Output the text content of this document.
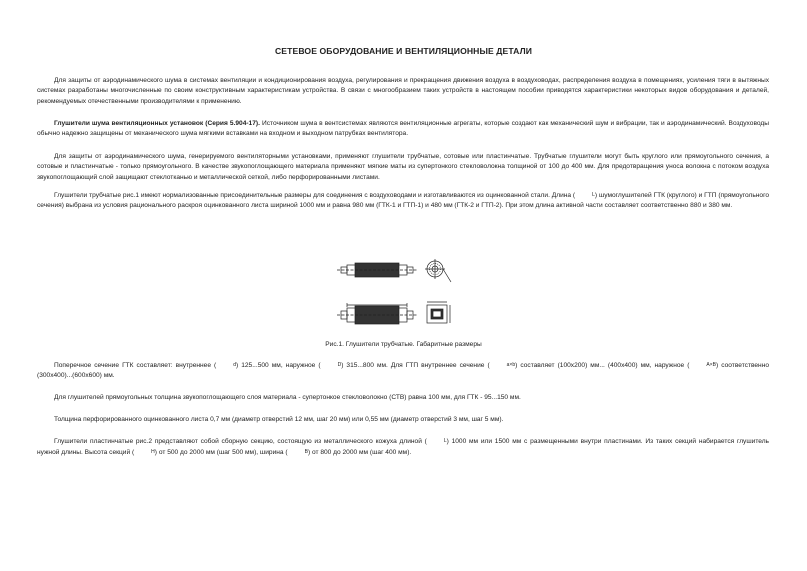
СЕТЕВОЕ ОБОРУДОВАНИЕ И ВЕНТИЛЯЦИОННЫЕ ДЕТАЛИ

Для защиты от аэродинамического шума в системах вентиляции и кондиционирования воздуха, регулирования и прекращения движения воздуха в воздуховодах, распределения воздуха в помещениях, усиления тяги в вытяжных системах разработаны многочисленные по своим конструктивным характеристикам устройства. В связи с многообразием таких устройств в настоящем пособии приводятся характеристики некоторых видов оборудования и деталей, рекомендуемых отечественными производителями к применению.

Глушители шума вентиляционных установок (Серия 5.904-17). Источником шума в вентсистемах являются вентиляционные агрегаты, которые создают как механический шум и вибрации, так и аэродинамический. Воздуховоды обычно надежно защищены от механического шума мягкими вставками на входном и выходном патрубках вентилятора.

Для защиты от аэродинамического шума, генерируемого вентиляторными установками, применяют глушители трубчатые, сотовые или пластинчатые. Трубчатые глушители могут быть круглого или прямоугольного сечения, а сотовые и пластинчатые - только прямоугольного. В качестве звукопоглощающего материала применяют мягкие маты из супертонкого стекловолокна толщиной от 100 до 400 мм. Для предотвращения уноса волокна с потоком воздуха звукопоглощающий слой защищают стеклотканью и металлической сеткой, либо перфорированными листами.

Глушители трубчатые рис.1 имеют нормализованные присоединительные размеры для соединения с воздуховодами и изготавливаются из оцинкованной стали. Длина (	L) шумоглушителей ГТК (круглого) и ГТП (прямоугольного сечения) выбрана из условия рационального раскроя оцинкованного листа шириной 1000 мм и равна 980 мм (ГТК-1 и ГТП-1) и 480 мм (ГТК-2 и ГТП-2). При этом длина активной части составляет соответственно 880 и 380 мм.

Рис.1. Глушители трубчатые. Габаритные размеры

Поперечное сечение ГТК составляет: внутреннее (	d) 125...500 мм, наружное (	D) 315...800 мм. Для ГТП внутреннее сечение (	a×b) составляет (100х200) мм... (400х400) мм, наружное (	A×B) соответственно (300х400)...(600х600) мм.

Для глушителей прямоугольных толщина звукопоглощающего слоя материала - супертонкое стекловолокно (СТВ) равна 100 мм, для ГТК - 95...150 мм.

Толщина перфорированного оцинкованного листа 0,7 мм (диаметр отверстий 12 мм, шаг 20 мм) или 0,55 мм (диаметр отверстий 3 мм, шаг 5 мм).

Глушители пластинчатые рис.2 представляют собой сборную секцию, состоящую из металлического кожуха длиной (	L) 1000 мм или 1500 мм с размещенными внутри пластинами. Из таких секций набирается глушитель нужной длины. Высота секций (	H) от 500 до 2000 мм (шаг 500 мм), ширина (	B) от 800 до 2000 мм (шаг 400 мм).
